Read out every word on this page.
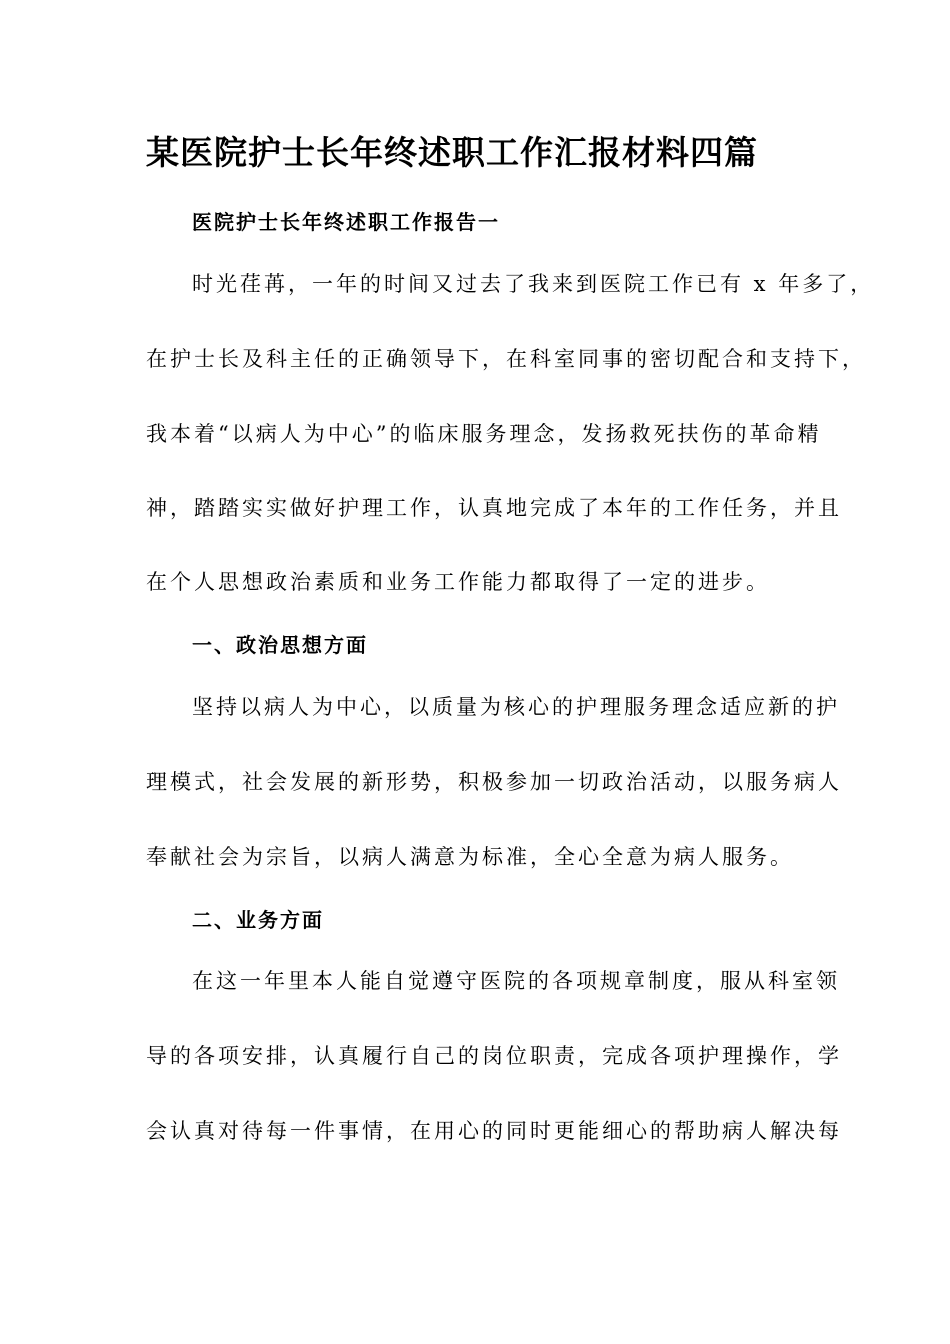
某医院护士长年终述职工作汇报材料四篇
医院护士长年终述职工作报告一
时光荏苒，一年的时间又过去了我来到医院工作已有 x 年多了，
在护士长及科主任的正确领导下，在科室同事的密切配合和支持下，
我本着“以病人为中心”的临床服务理念，发扬救死扶伤的革命精
神，踏踏实实做好护理工作，认真地完成了本年的工作任务，并且
在个人思想政治素质和业务工作能力都取得了一定的进步。
一、政治思想方面
坚持以病人为中心，以质量为核心的护理服务理念适应新的护
理模式，社会发展的新形势，积极参加一切政治活动，以服务病人
奉献社会为宗旨，以病人满意为标准，全心全意为病人服务。
二、业务方面
在这一年里本人能自觉遵守医院的各项规章制度，服从科室领
导的各项安排，认真履行自己的岗位职责，完成各项护理操作，学
会认真对待每一件事情，在用心的同时更能细心的帮助病人解决每
